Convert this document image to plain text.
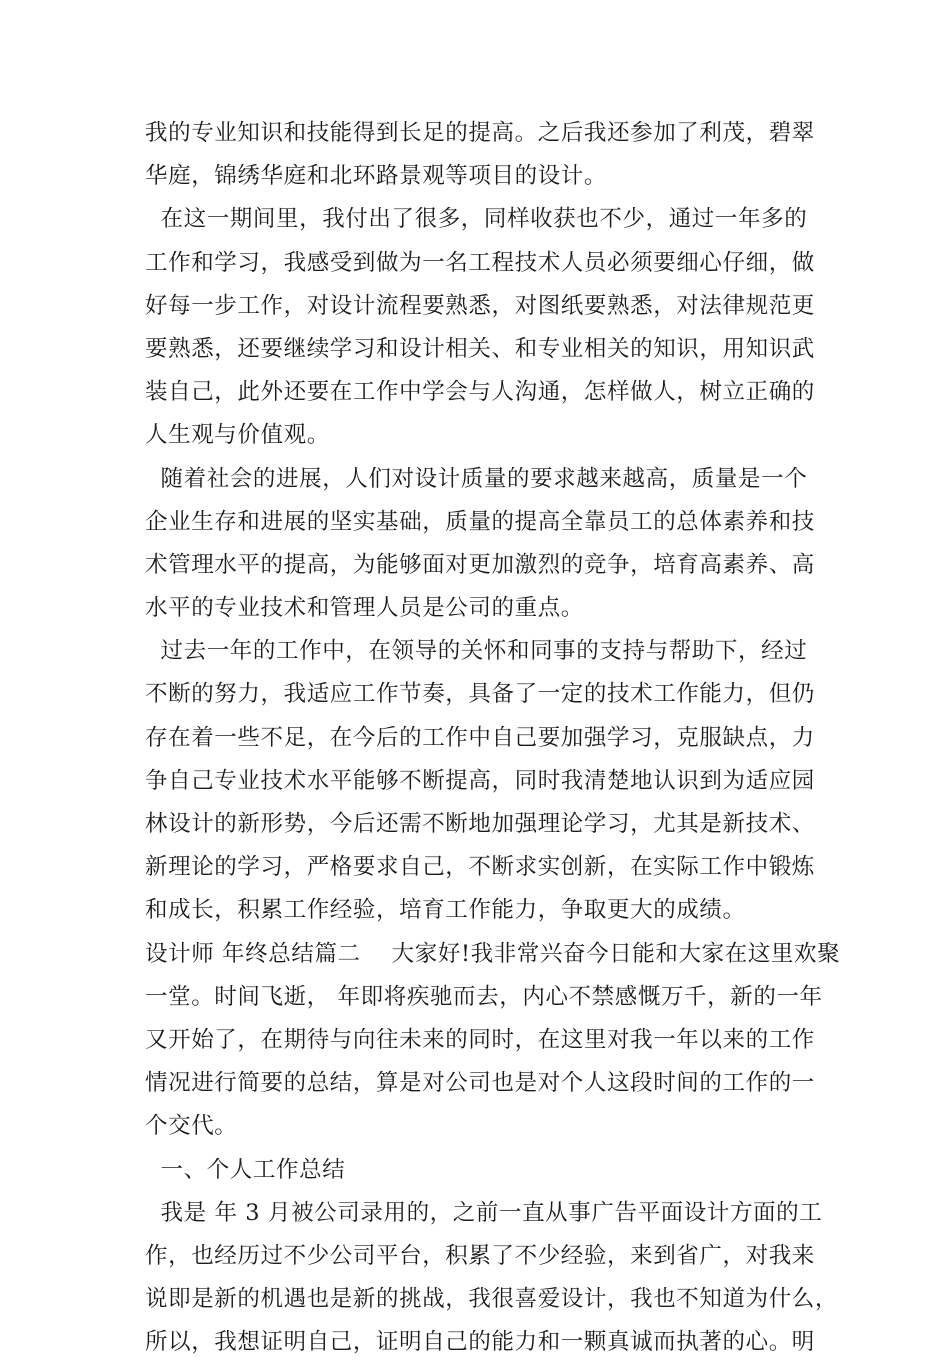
我的专业知识和技能得到长足的提高。之后我还参加了利茂，碧翠
华庭，锦绣华庭和北环路景观等项目的设计。
在这一期间里，我付出了很多，同样收获也不少，通过一年多的
工作和学习，我感受到做为一名工程技术人员必须要细心仔细，做
好每一步工作，对设计流程要熟悉，对图纸要熟悉，对法律规范更
要熟悉，还要继续学习和设计相关、和专业相关的知识，用知识武
装自己，此外还要在工作中学会与人沟通，怎样做人，树立正确的
人生观与价值观。
随着社会的进展，人们对设计质量的要求越来越高，质量是一个
企业生存和进展的坚实基础，质量的提高全靠员工的总体素养和技
术管理水平的提高，为能够面对更加激烈的竞争，培育高素养、高
水平的专业技术和管理人员是公司的重点。
过去一年的工作中，在领导的关怀和同事的支持与帮助下，经过
不断的努力，我适应工作节奏，具备了一定的技术工作能力，但仍
存在着一些不足，在今后的工作中自己要加强学习，克服缺点，力
争自己专业技术水平能够不断提高，同时我清楚地认识到为适应园
林设计的新形势，今后还需不断地加强理论学习，尤其是新技术、
新理论的学习，严格要求自己，不断求实创新，在实际工作中锻炼
和成长，积累工作经验，培育工作能力，争取更大的成绩。
设计师 年终总结篇二    大家好!我非常兴奋今日能和大家在这里欢聚
一堂。时间飞逝， 年即将疾驰而去，内心不禁感慨万千，新的一年
又开始了，在期待与向往未来的同时，在这里对我一年以来的工作
情况进行简要的总结，算是对公司也是对个人这段时间的工作的一
个交代。
一、个人工作总结
我是 年 3 月被公司录用的，之前一直从事广告平面设计方面的工
作，也经历过不少公司平台，积累了不少经验，来到省广，对我来
说即是新的机遇也是新的挑战，我很喜爱设计，我也不知道为什么，
所以，我想证明自己，证明自己的能力和一颗真诚而执著的心。明
